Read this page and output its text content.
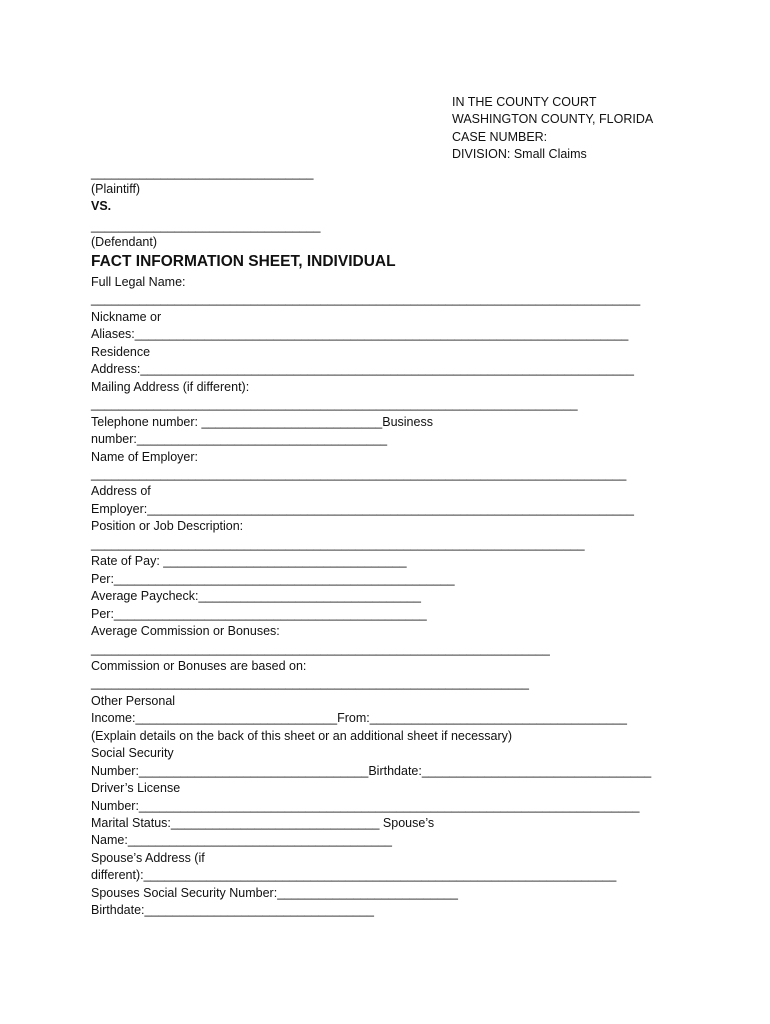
IN THE COUNTY COURT
WASHINGTON COUNTY, FLORIDA
CASE NUMBER:
DIVISION: Small Claims
________________________________
(Plaintiff)
VS.
_________________________________
(Defendant)
FACT INFORMATION SHEET, INDIVIDUAL
Full Legal Name:
_______________________________________________________________________________
Nickname or
Aliases:_______________________________________________________________________
Residence
Address:_______________________________________________________________________
Mailing Address (if different):
______________________________________________________________________
Telephone number: __________________________Business
number:____________________________________
Name of Employer:
_____________________________________________________________________________
Address of
Employer:______________________________________________________________________
Position or Job Description:
_______________________________________________________________________
Rate of Pay: ___________________________________
Per:_________________________________________________
Average Paycheck:________________________________
Per:_____________________________________________
Average Commission or Bonuses:
__________________________________________________________________
Commission or Bonuses are based on:
_______________________________________________________________
Other Personal
Income:_____________________________From:_____________________________________
(Explain details on the back of this sheet or an additional sheet if necessary)
Social Security
Number:_________________________________Birthdate:_________________________________
Driver’s License
Number:________________________________________________________________________
Marital Status:______________________________ Spouse’s
Name:______________________________________
Spouse’s Address (if
different):____________________________________________________________________
Spouses Social Security Number:__________________________
Birthdate:_________________________________
